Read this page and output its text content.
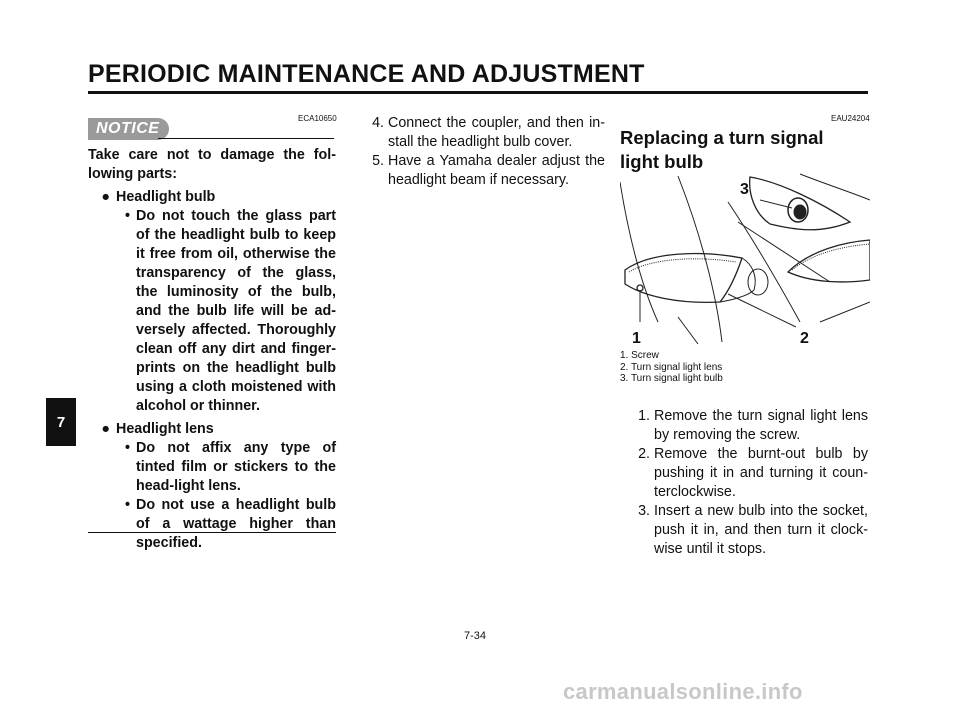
PERIODIC MAINTENANCE AND ADJUSTMENT
7
ECA10650
NOTICE

Take care not to damage the fol-lowing parts:

● Headlight bulb
• Do not touch the glass part of the headlight bulb to keep it free from oil, otherwise the transparency of the glass, the luminosity of the bulb, and the bulb life will be ad-versely affected. Thoroughly clean off any dirt and finger-prints on the headlight bulb using a cloth moistened with alcohol or thinner.
● Headlight lens
• Do not affix any type of tinted film or stickers to the head-light lens.
• Do not use a headlight bulb of a wattage higher than specified.
4. Connect the coupler, and then in-stall the headlight bulb cover.
5. Have a Yamaha dealer adjust the headlight beam if necessary.
EAU24204
Replacing a turn signal
light bulb
1	2
3
1. Screw
2. Turn signal light lens
3. Turn signal light bulb
1. Remove the turn signal light lens by removing the screw.
2. Remove the burnt-out bulb by pushing it in and turning it coun-terclockwise.
3. Insert a new bulb into the socket, push it in, and then turn it clock-wise until it stops.
7-34
carmanualsonline.info
